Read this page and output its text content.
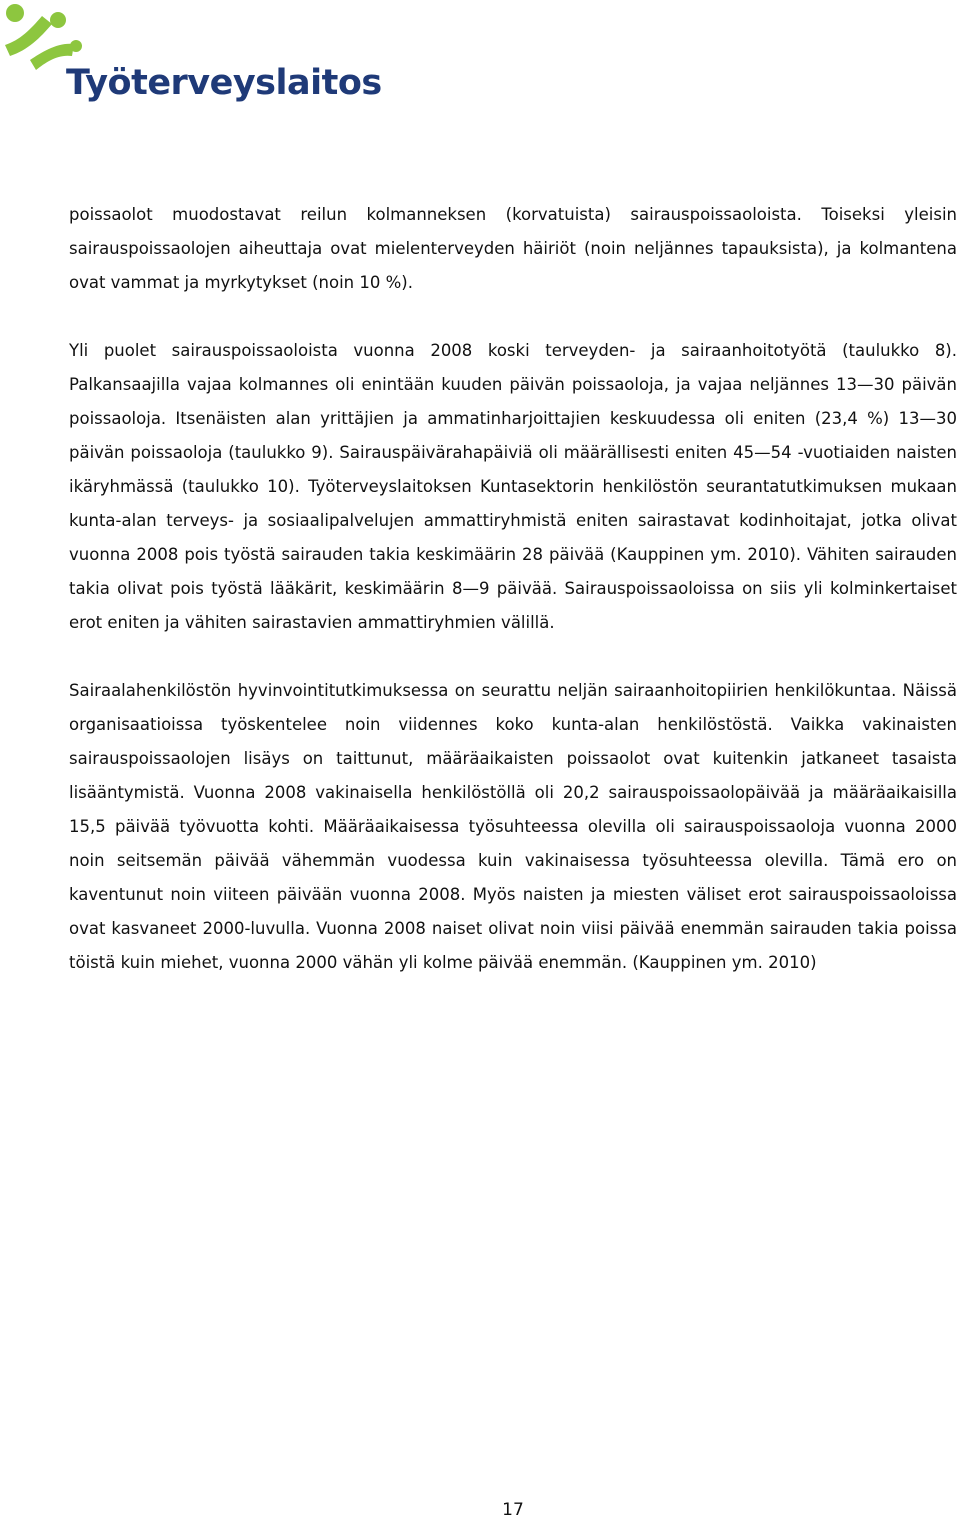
Työterveyslaitos

poissaolot muodostavat reilun kolmanneksen (korvatuista) sairauspoissaoloista. Toiseksi yleisin sairauspoissaolojen aiheuttaja ovat mielenterveyden häiriöt (noin neljännes tapauksista), ja kolmantena ovat vammat ja myrkytykset (noin 10 %).

Yli puolet sairauspoissaoloista vuonna 2008 koski terveyden- ja sairaanhoitotyötä (taulukko 8). Palkansaajilla vajaa kolmannes oli enintään kuuden päivän poissaoloja, ja vajaa neljännes 13—30 päivän poissaoloja. Itsenäisten alan yrittäjien ja ammatinharjoittajien keskuudessa oli eniten (23,4 %) 13—30 päivän poissaoloja (taulukko 9). Sairauspäivärahapäiviä oli määrällisesti eniten 45—54 -vuotiaiden naisten ikäryhmässä (taulukko 10). Työterveyslaitoksen Kuntasektorin henkilöstön seurantatutkimuksen mukaan kunta-alan terveys- ja sosiaalipalvelujen ammattiryhmistä eniten sairastavat kodinhoitajat, jotka olivat vuonna 2008 pois työstä sairauden takia keskimäärin 28 päivää (Kauppinen ym. 2010). Vähiten sairauden takia olivat pois työstä lääkärit, keskimäärin 8—9 päivää. Sairauspoissaoloissa on siis yli kolminkertaiset erot eniten ja vähiten sairastavien ammattiryhmien välillä.

Sairaalahenkilöstön hyvinvointitutkimuksessa on seurattu neljän sairaanhoitopiirien henkilökuntaa. Näissä organisaatioissa työskentelee noin viidennes koko kunta-alan henkilöstöstä. Vaikka vakinaisten sairauspoissaolojen lisäys on taittunut, määräaikaisten poissaolot ovat kuitenkin jatkaneet tasaista lisääntymistä. Vuonna 2008 vakinaisella henkilöstöllä oli 20,2 sairauspoissaolopäivää ja määräaikaisilla 15,5 päivää työvuotta kohti. Määräaikaisessa työsuhteessa olevilla oli sairauspoissaoloja vuonna 2000 noin seitsemän päivää vähemmän vuodessa kuin vakinaisessa työsuhteessa olevilla. Tämä ero on kaventunut noin viiteen päivään vuonna 2008. Myös naisten ja miesten väliset erot sairauspoissaoloissa ovat kasvaneet 2000-luvulla. Vuonna 2008 naiset olivat noin viisi päivää enemmän sairauden takia poissa töistä kuin miehet, vuonna 2000 vähän yli kolme päivää enemmän. (Kauppinen ym. 2010)

17
